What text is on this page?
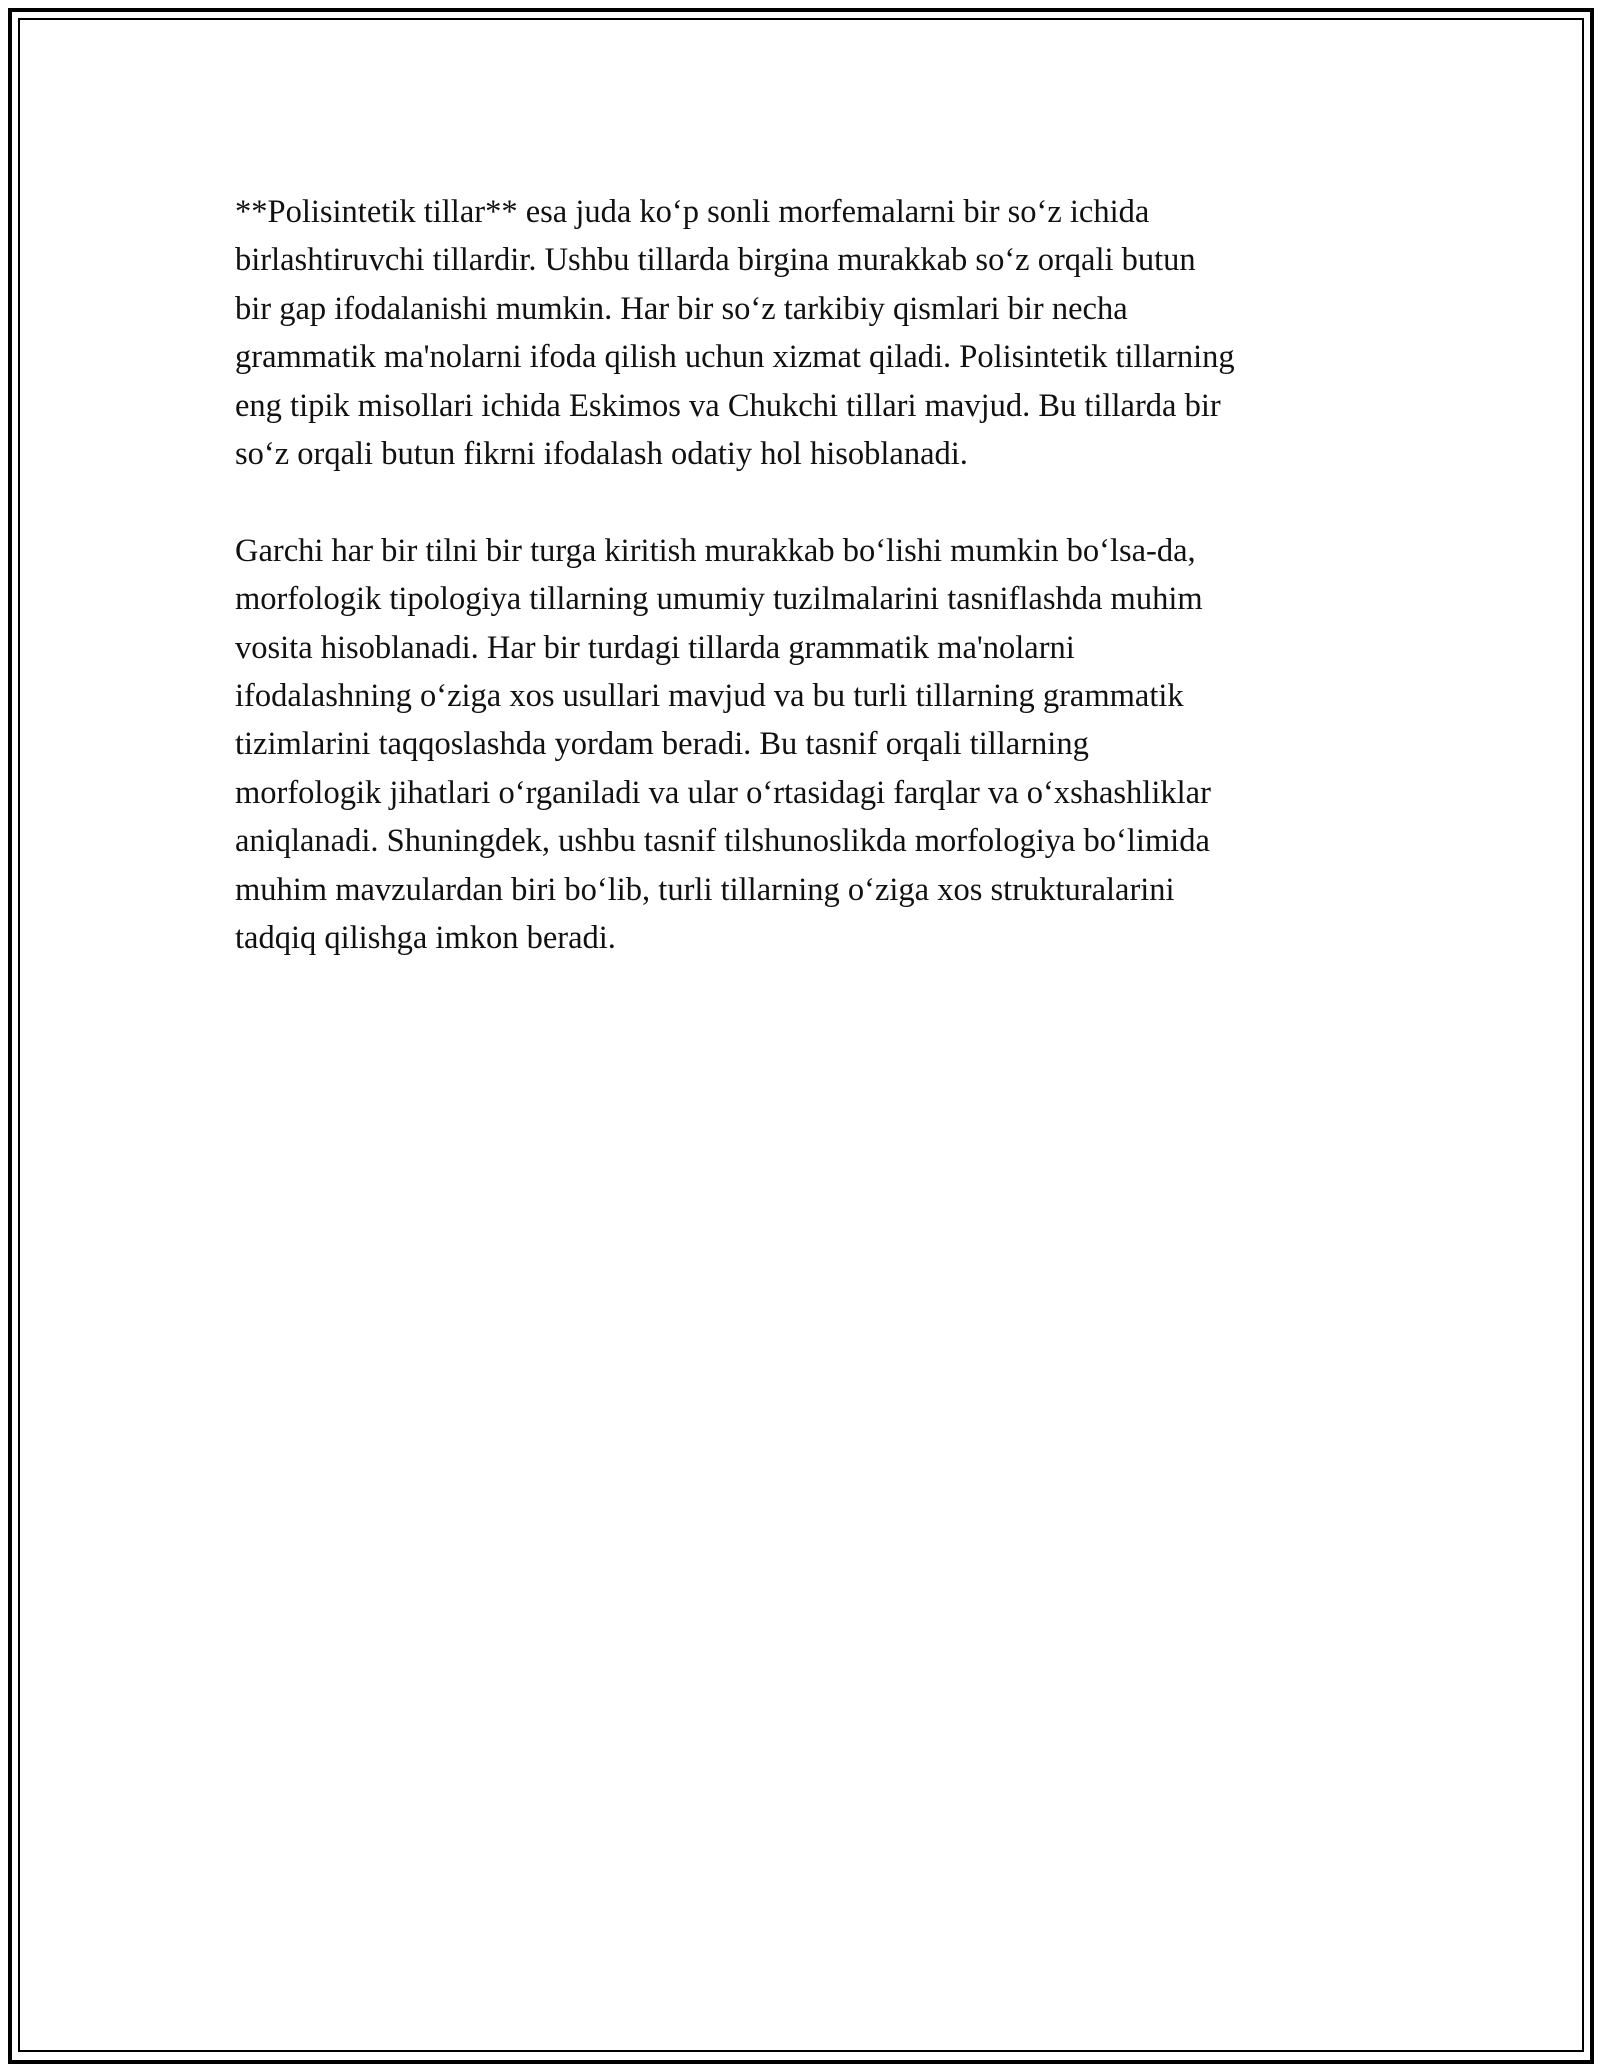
**Polisintetik tillar** esa juda ko‘p sonli morfemalarni bir so‘z ichida
birlashtiruvchi tillardir. Ushbu tillarda birgina murakkab so‘z orqali butun
bir gap ifodalanishi mumkin. Har bir so‘z tarkibiy qismlari bir necha
grammatik ma'nolarni ifoda qilish uchun xizmat qiladi. Polisintetik tillarning
eng tipik misollari ichida Eskimos va Chukchi tillari mavjud. Bu tillarda bir
so‘z orqali butun fikrni ifodalash odatiy hol hisoblanadi.

Garchi har bir tilni bir turga kiritish murakkab bo‘lishi mumkin bo‘lsa-da,
morfologik tipologiya tillarning umumiy tuzilmalarini tasniflashda muhim
vosita hisoblanadi. Har bir turdagi tillarda grammatik ma'nolarni
ifodalashning o‘ziga xos usullari mavjud va bu turli tillarning grammatik
tizimlarini taqqoslashda yordam beradi. Bu tasnif orqali tillarning
morfologik jihatlari o‘rganiladi va ular o‘rtasidagi farqlar va o‘xshashliklar
aniqlanadi. Shuningdek, ushbu tasnif tilshunoslikda morfologiya bo‘limida
muhim mavzulardan biri bo‘lib, turli tillarning o‘ziga xos strukturalarini
tadqiq qilishga imkon beradi.
